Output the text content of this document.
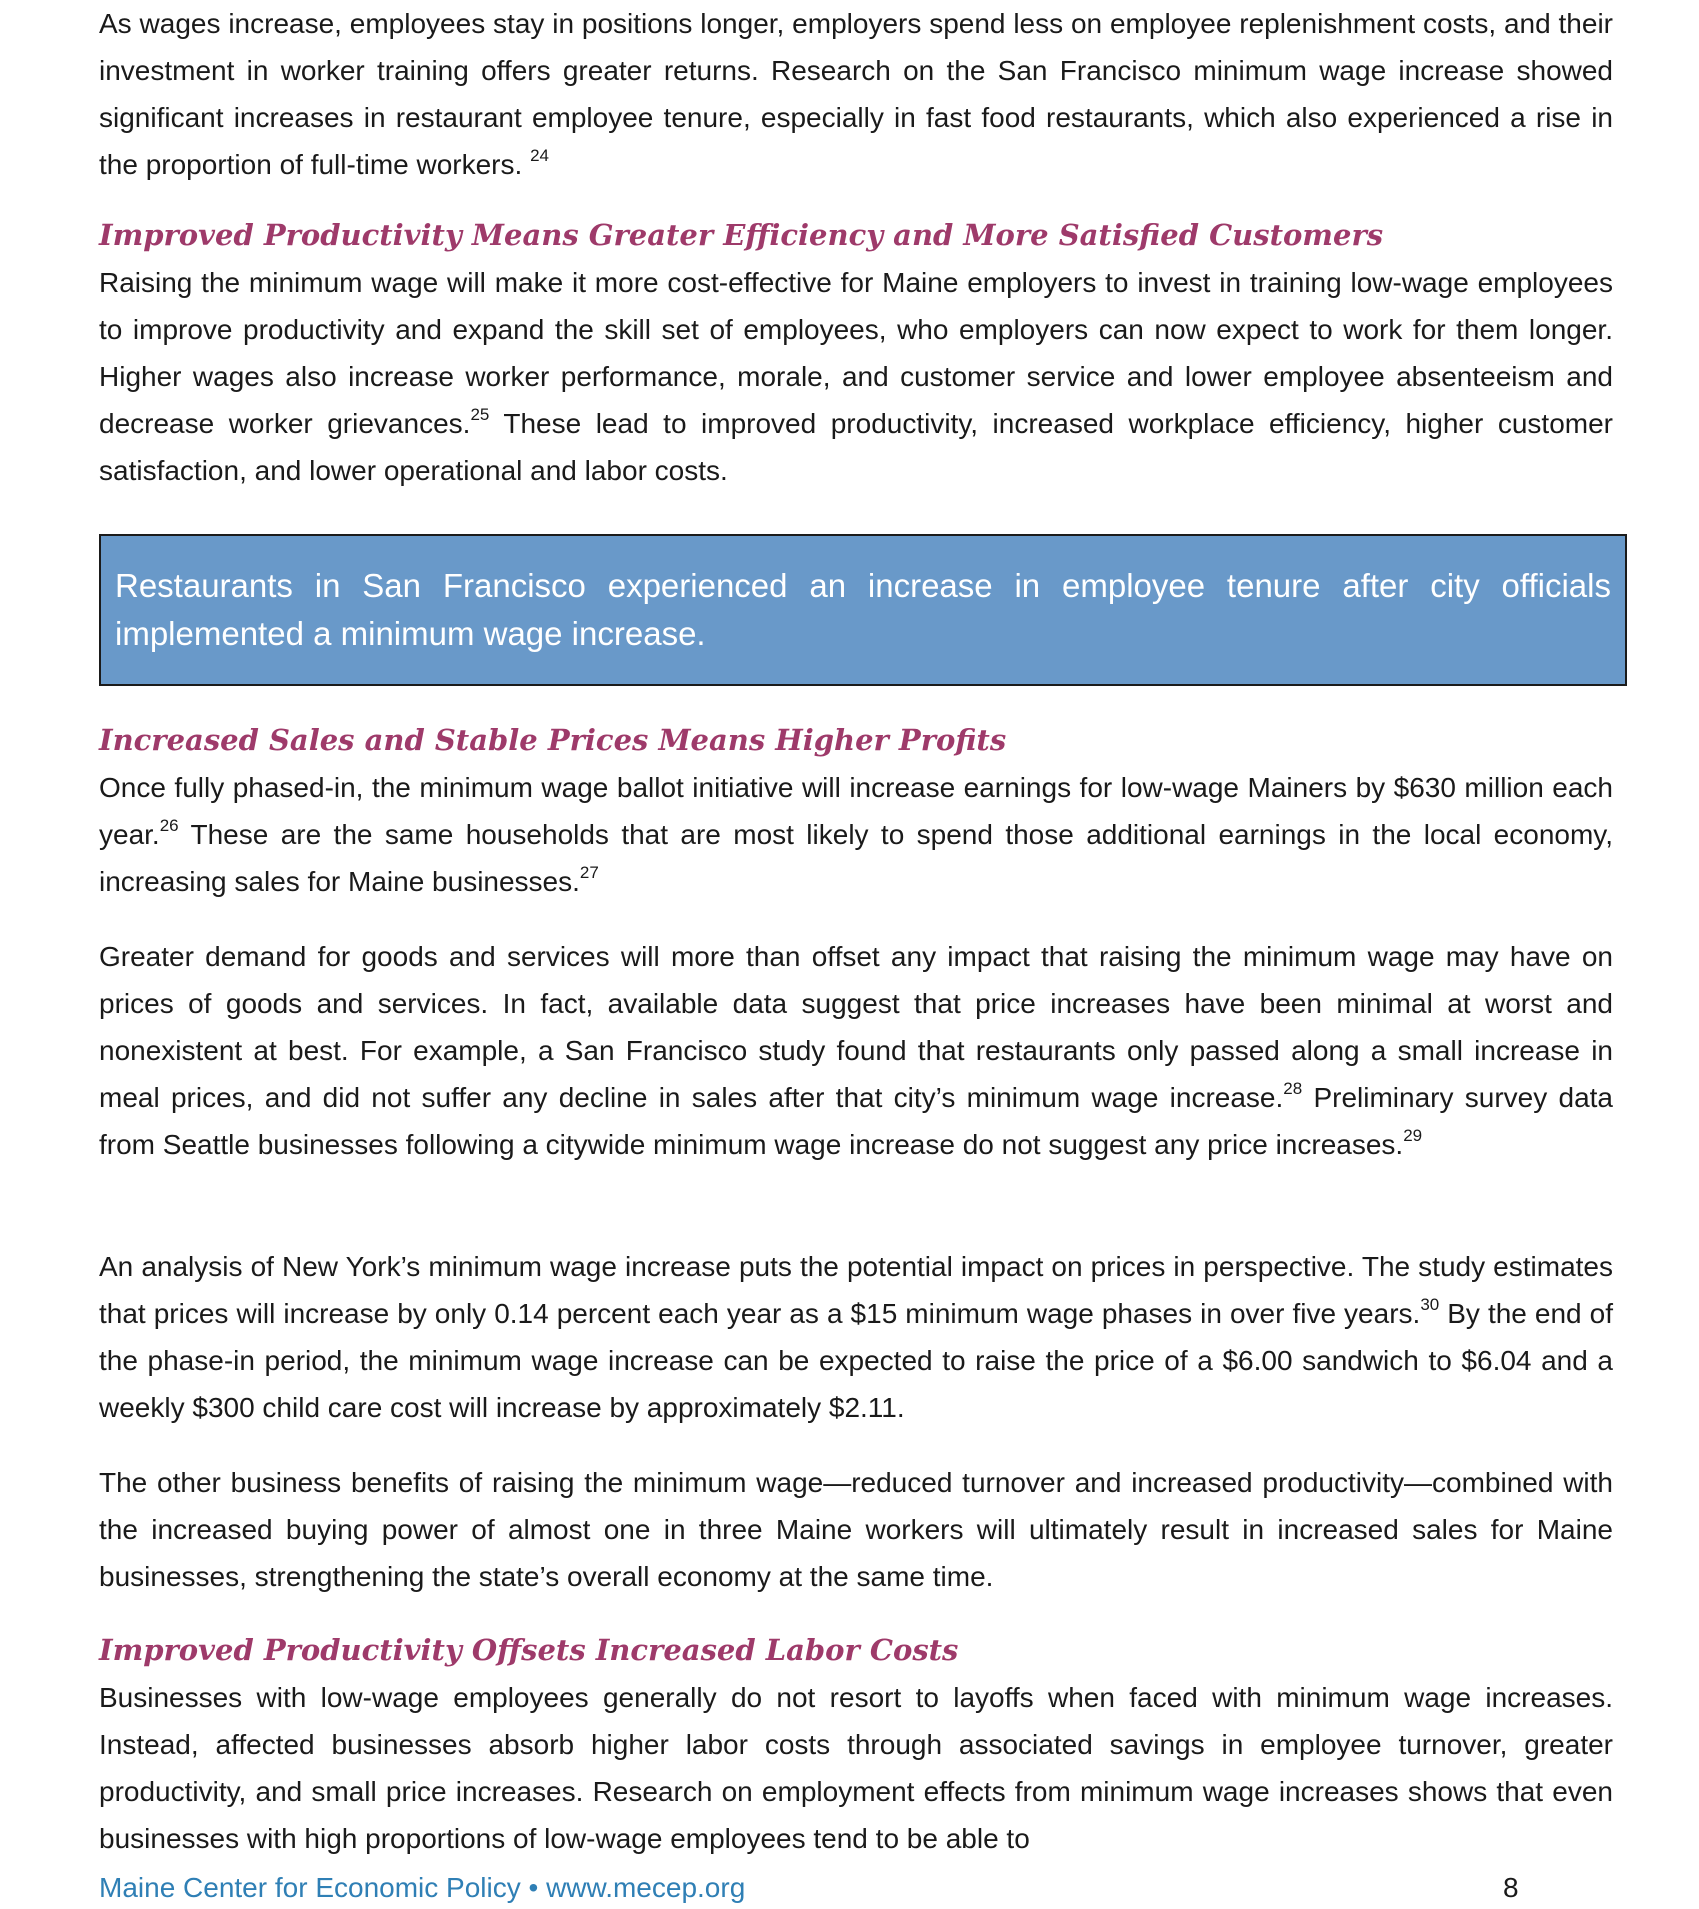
As wages increase, employees stay in positions longer, employers spend less on employee replenishment costs, and their investment in worker training offers greater returns. Research on the San Francisco minimum wage increase showed significant increases in restaurant employee tenure, especially in fast food restaurants, which also experienced a rise in the proportion of full-time workers. $^{24}$

Improved Productivity Means Greater Efficiency and More Satisfied Customers

Raising the minimum wage will make it more cost-effective for Maine employers to invest in training low-wage employees to improve productivity and expand the skill set of employees, who employers can now expect to work for them longer. Higher wages also increase worker performance, morale, and customer service and lower employee absenteeism and decrease worker grievances.$^{25}$ These lead to improved productivity, increased workplace efficiency, higher customer satisfaction, and lower operational and labor costs.

Increased Sales and Stable Prices Means Higher Profits

Once fully phased-in, the minimum wage ballot initiative will increase earnings for low-wage Mainers by $630 million each year.$^{26}$ These are the same households that are most likely to spend those additional earnings in the local economy, increasing sales for Maine businesses.$^{27}$

Greater demand for goods and services will more than offset any impact that raising the minimum wage may have on prices of goods and services. In fact, available data suggest that price increases have been minimal at worst and nonexistent at best. For example, a San Francisco study found that restaurants only passed along a small increase in meal prices, and did not suffer any decline in sales after that city’s minimum wage increase.$^{28}$ Preliminary survey data from Seattle businesses following a citywide minimum wage increase do not suggest any price increases.$^{29}$

An analysis of New York’s minimum wage increase puts the potential impact on prices in perspective. The study estimates that prices will increase by only 0.14 percent each year as a $15 minimum wage phases in over five years.$^{30}$ By the end of the phase-in period, the minimum wage increase can be expected to raise the price of a $6.00 sandwich to $6.04 and a weekly $300 child care cost will increase by approximately $2.11.

The other business benefits of raising the minimum wage—reduced turnover and increased productivity—combined with the increased buying power of almost one in three Maine workers will ultimately result in increased sales for Maine businesses, strengthening the state’s overall economy at the same time.

Improved Productivity Offsets Increased Labor Costs

Businesses with low-wage employees generally do not resort to layoffs when faced with minimum wage increases. Instead, affected businesses absorb higher labor costs through associated savings in employee turnover, greater productivity, and small price increases. Research on employment effects from minimum wage increases shows that even businesses with high proportions of low-wage employees tend to be able to

Restaurants in San Francisco experienced an increase in employee tenure after city officials implemented a minimum wage increase.

Maine Center for Economic Policy • www.mecep.org	8
